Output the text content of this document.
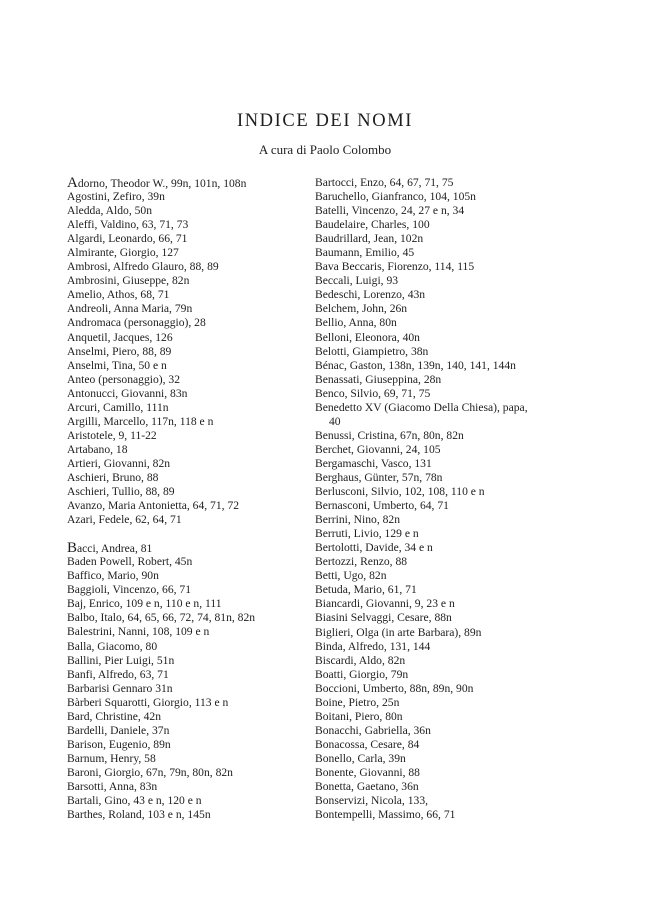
INDICE DEI NOMI
A cura di Paolo Colombo

Adorno, Theodor W., 99n, 101n, 108n

Agostini, Zefiro, 39n

Aledda, Aldo, 50n

Aleffi, Valdino, 63, 71, 73

Algardi, Leonardo, 66, 71

Almirante, Giorgio, 127

Ambrosi, Alfredo Glauro, 88, 89

Ambrosini, Giuseppe, 82n

Amelio, Athos, 68, 71

Andreoli, Anna Maria, 79n

Andromaca (personaggio), 28

Anquetil, Jacques, 126

Anselmi, Piero, 88, 89

Anselmi, Tina, 50 e n

Anteo (personaggio), 32

Antonucci, Giovanni, 83n

Arcuri, Camillo, 111n

Argilli, Marcello, 117n, 118 e n

Aristotele, 9, 11-22

Artabano, 18

Artieri, Giovanni, 82n

Aschieri, Bruno, 88

Aschieri, Tullio, 88, 89

Avanzo, Maria Antonietta, 64, 71, 72

Azari, Fedele, 62, 64, 71

Bacci, Andrea, 81

Baden Powell, Robert, 45n

Baffico, Mario, 90n

Baggioli, Vincenzo, 66, 71

Baj, Enrico, 109 e n, 110 e n, 111

Balbo, Italo, 64, 65, 66, 72, 74, 81n, 82n

Balestrini, Nanni, 108, 109 e n

Balla, Giacomo, 80

Ballini, Pier Luigi, 51n

Banfi, Alfredo, 63, 71

Barbarisi Gennaro 31n

Bàrberi Squarotti, Giorgio, 113 e n

Bard, Christine, 42n

Bardelli, Daniele, 37n

Barison, Eugenio, 89n

Barnum, Henry, 58

Baroni, Giorgio, 67n, 79n, 80n, 82n

Barsotti, Anna, 83n

Bartali, Gino, 43 e n, 120 e n

Barthes, Roland, 103 e n, 145n

Bartocci, Enzo, 64, 67, 71, 75

Baruchello, Gianfranco, 104, 105n

Batelli, Vincenzo, 24, 27 e n, 34

Baudelaire, Charles, 100

Baudrillard, Jean, 102n

Baumann, Emilio, 45

Bava Beccaris, Fiorenzo, 114, 115

Beccali, Luigi, 93

Bedeschi, Lorenzo, 43n

Belchem, John, 26n

Bellio, Anna, 80n

Belloni, Eleonora, 40n

Belotti, Giampietro, 38n

Bénac, Gaston, 138n, 139n, 140, 141, 144n

Benassati, Giuseppina, 28n

Benco, Silvio, 69, 71, 75

Benedetto XV (Giacomo Della Chiesa), papa,

40

Benussi, Cristina, 67n, 80n, 82n

Berchet, Giovanni, 24, 105

Bergamaschi, Vasco, 131

Berghaus, Günter, 57n, 78n

Berlusconi, Silvio, 102, 108, 110 e n

Bernasconi, Umberto, 64, 71

Berrini, Nino, 82n

Berruti, Livio, 129 e n

Bertolotti, Davide, 34 e n

Bertozzi, Renzo, 88

Betti, Ugo, 82n

Betuda, Mario, 61, 71

Biancardi, Giovanni, 9, 23 e n

Biasini Selvaggi, Cesare, 88n

Biglieri, Olga (in arte Barbara), 89n

Binda, Alfredo, 131, 144

Biscardi, Aldo, 82n

Boatti, Giorgio, 79n

Boccioni, Umberto, 88n, 89n, 90n

Boine, Pietro, 25n

Boitani, Piero, 80n

Bonacchi, Gabriella, 36n

Bonacossa, Cesare, 84

Bonello, Carla, 39n

Bonente, Giovanni, 88

Bonetta, Gaetano, 36n

Bonservizi, Nicola, 133,

Bontempelli, Massimo, 66, 71
